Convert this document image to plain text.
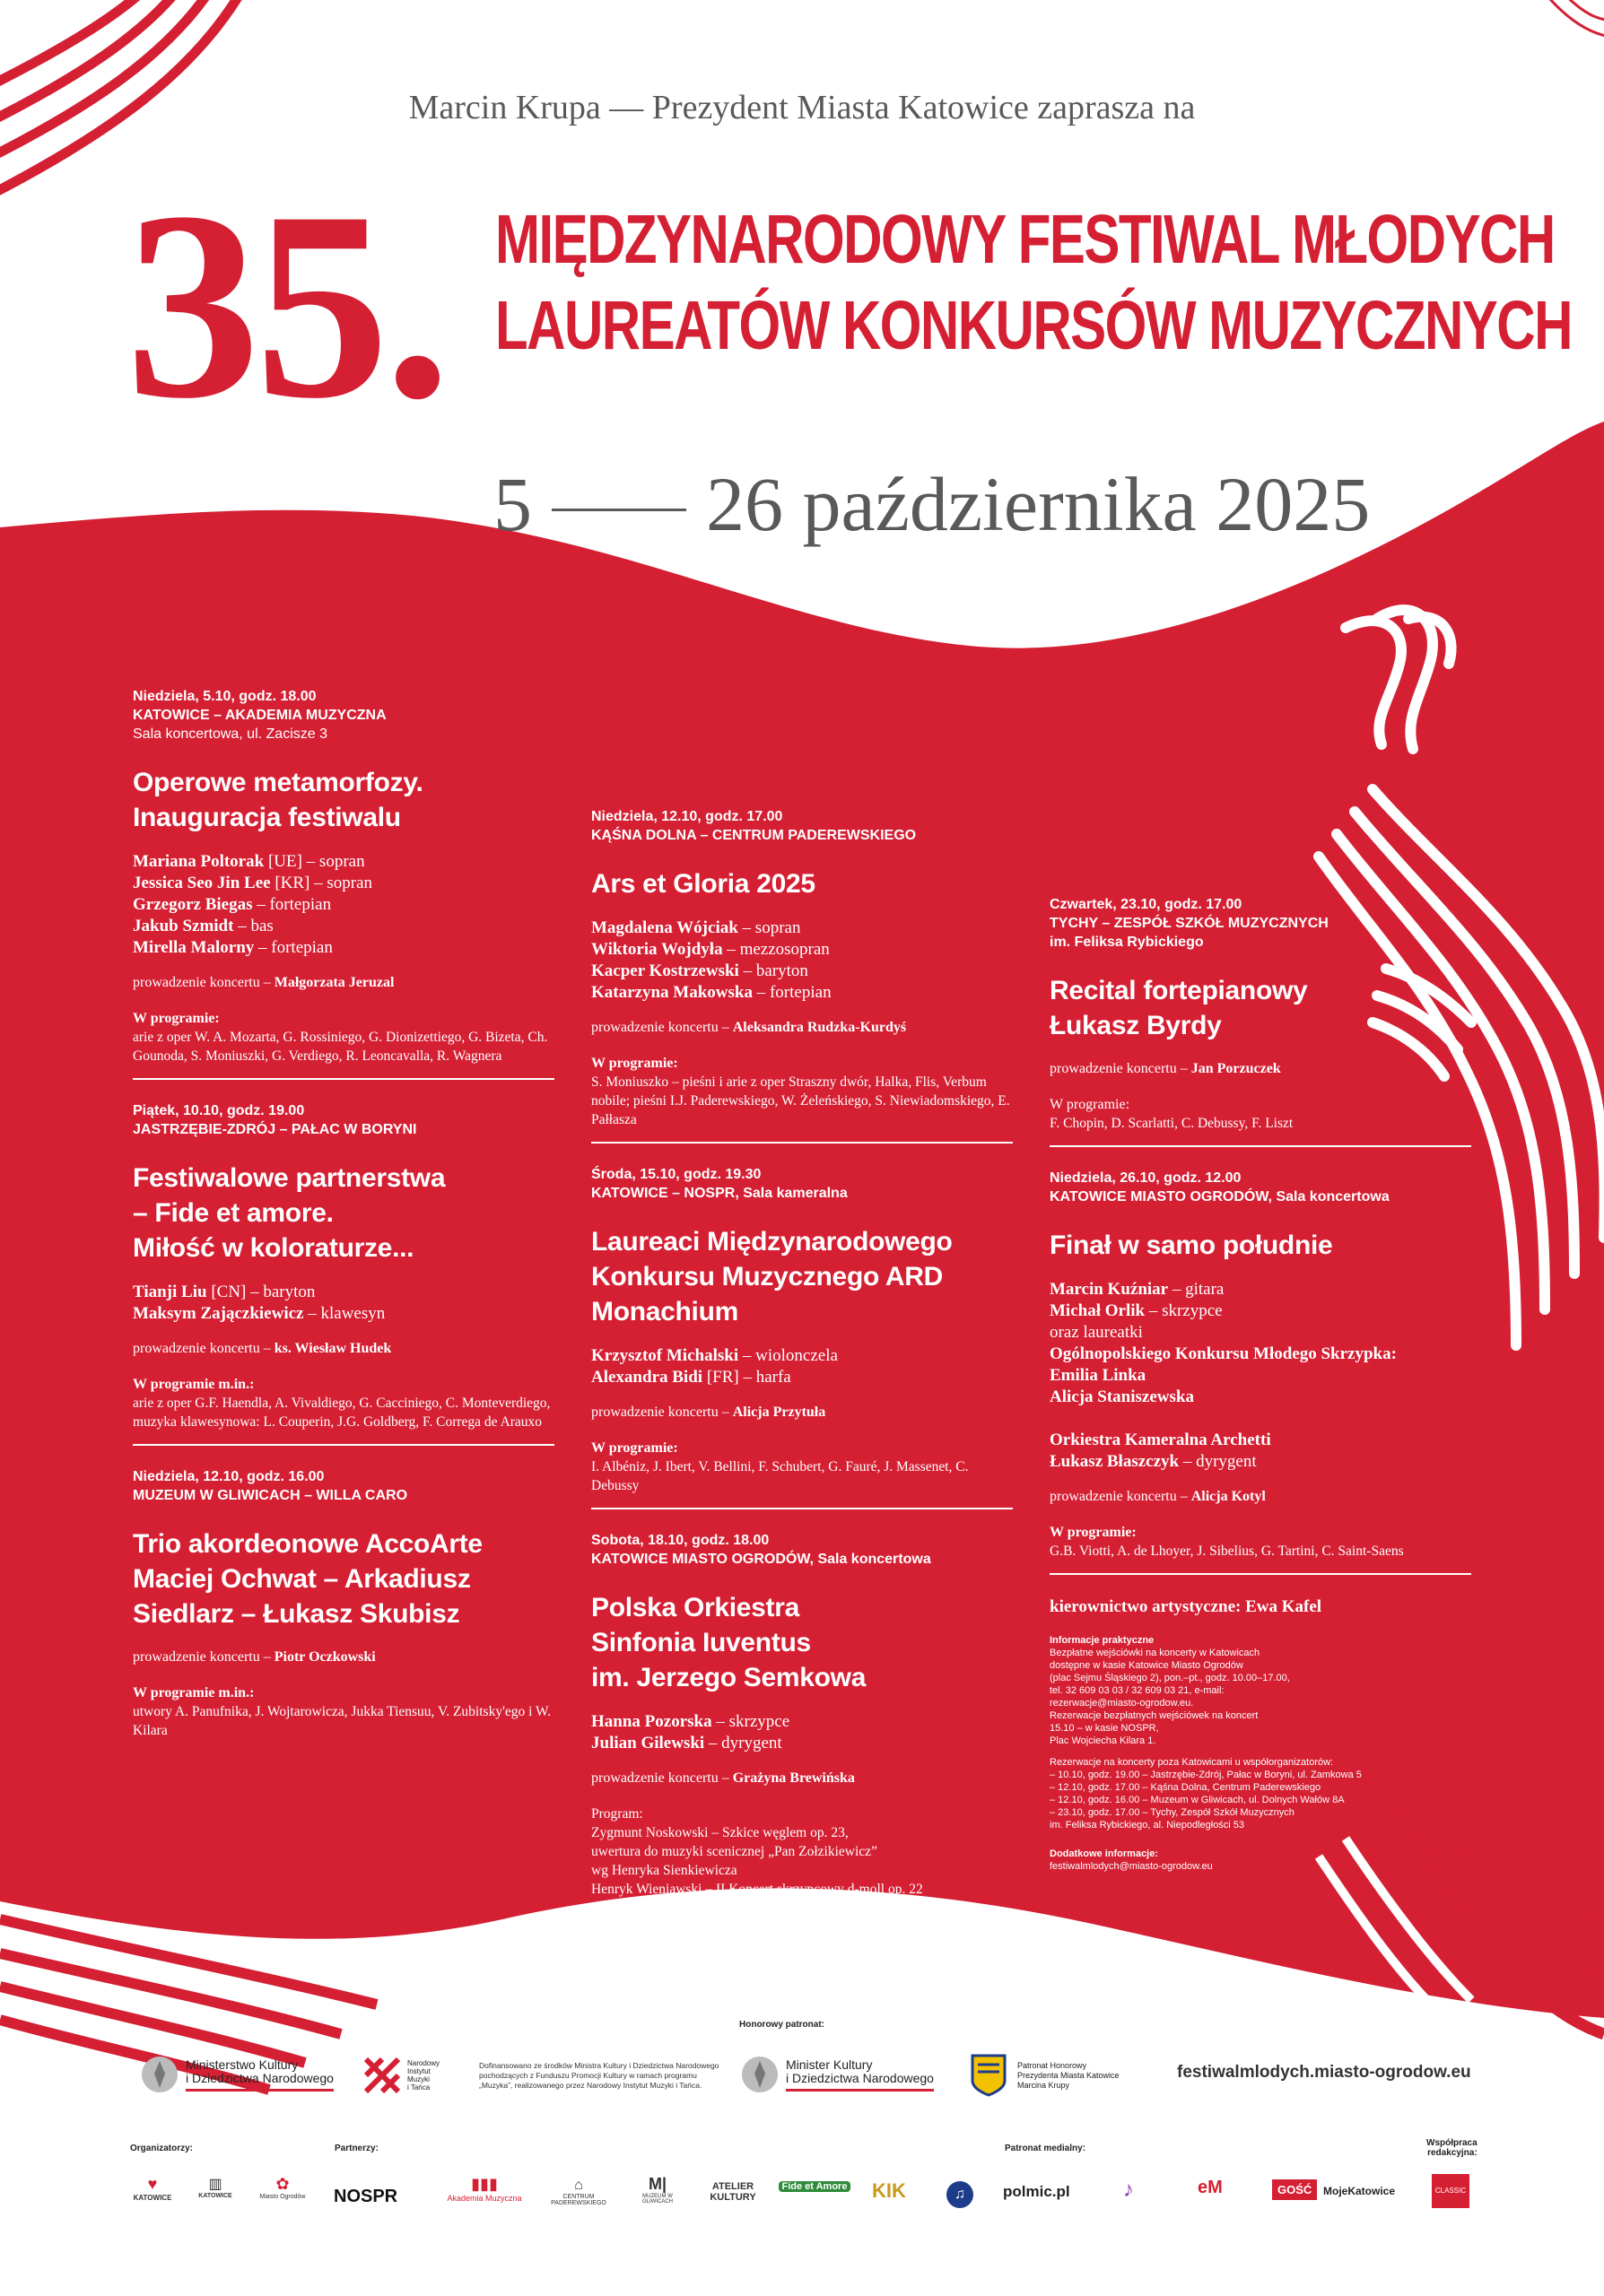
Marcin Krupa — Prezydent Miasta Katowice zaprasza na
35. MIĘDZYNARODOWY FESTIWAL MŁODYCH
LAUREATÓW KONKURSÓW MUZYCZNYCH
5 26 października 2025
Niedziela, 5.10, godz. 18.00
KATOWICE – AKADEMIA MUZYCZNA
Sala koncertowa, ul. Zacisze 3
Operowe metamorfozy.
Inauguracja festiwalu
Mariana Poltorak [UE] – sopran
Jessica Seo Jin Lee [KR] – sopran
Grzegorz Biegas – fortepian
Jakub Szmidt – bas
Mirella Malorny – fortepian
prowadzenie koncertu – Małgorzata Jeruzal
W programie:
arie z oper W. A. Mozarta, G. Rossiniego, G. Dionizettiego, G. Bizeta, Ch. Gounoda, S. Moniuszki, G. Verdiego, R. Leoncavalla, R. Wagnera
Piątek, 10.10, godz. 19.00
JASTRZĘBIE-ZDRÓJ – PAŁAC W BORYNI
Festiwalowe partnerstwa
– Fide et amore.
Miłość w koloraturze...
Tianji Liu [CN] – baryton
Maksym Zajączkiewicz – klawesyn
prowadzenie koncertu – ks. Wiesław Hudek
W programie m.in.:
arie z oper G.F. Haendla, A. Vivaldiego, G. Cacciniego, C. Monteverdiego, muzyka klawesynowa: L. Couperin, J.G. Goldberg, F. Correga de Arauxo
Niedziela, 12.10, godz. 16.00
MUZEUM W GLIWICACH – WILLA CARO
Trio akordeonowe AccoArte
Maciej Ochwat – Arkadiusz
Siedlarz – Łukasz Skubisz
prowadzenie koncertu – Piotr Oczkowski
W programie m.in.:
utwory A. Panufnika, J. Wojtarowicza, Jukka Tiensuu, V. Zubitsky'ego i W. Kilara
Niedziela, 12.10, godz. 17.00
KĄŚNA DOLNA – CENTRUM PADEREWSKIEGO
Ars et Gloria 2025
Magdalena Wójciak – sopran
Wiktoria Wojdyła – mezzosopran
Kacper Kostrzewski – baryton
Katarzyna Makowska – fortepian
prowadzenie koncertu – Aleksandra Rudzka-Kurdyś
W programie:
S. Moniuszko – pieśni i arie z oper Straszny dwór, Halka, Flis, Verbum nobile; pieśni I.J. Paderewskiego, W. Żeleńskiego, S. Niewiadomskiego, E. Pałłasza
Środa, 15.10, godz. 19.30
KATOWICE – NOSPR, Sala kameralna
Laureaci Międzynarodowego
Konkursu Muzycznego ARD
Monachium
Krzysztof Michalski – wiolonczela
Alexandra Bidi [FR] – harfa
prowadzenie koncertu – Alicja Przytuła
W programie:
I. Albéniz, J. Ibert, V. Bellini, F. Schubert, G. Fauré, J. Massenet, C. Debussy
Sobota, 18.10, godz. 18.00
KATOWICE MIASTO OGRODÓW, Sala koncertowa
Polska Orkiestra
Sinfonia Iuventus
im. Jerzego Semkowa
Hanna Pozorska – skrzypce
Julian Gilewski – dyrygent
prowadzenie koncertu – Grażyna Brewińska
Program:
Zygmunt Noskowski – Szkice węglem op. 23,
uwertura do muzyki scenicznej „Pan Zołzikiewicz”
wg Henryka Sienkiewicza
Henryk Wieniawski – II Koncert skrzypcowy d-moll op. 22
Robert Schumann – IV Symfonia d-moll op. 120
Czwartek, 23.10, godz. 17.00
TYCHY – ZESPÓŁ SZKÓŁ MUZYCZNYCH
im. Feliksa Rybickiego
Recital fortepianowy
Łukasz Byrdy
prowadzenie koncertu – Jan Porzuczek
W programie:
F. Chopin, D. Scarlatti, C. Debussy, F. Liszt
Niedziela, 26.10, godz. 12.00
KATOWICE MIASTO OGRODÓW, Sala koncertowa
Finał w samo południe
Marcin Kuźniar – gitara
Michał Orlik – skrzypce
oraz laureatki
Ogólnopolskiego Konkursu Młodego Skrzypka:
Emilia Linka
Alicja Staniszewska
Orkiestra Kameralna Archetti
Łukasz Błaszczyk – dyrygent
prowadzenie koncertu – Alicja Kotyl
W programie:
G.B. Viotti, A. de Lhoyer, J. Sibelius, G. Tartini, C. Saint-Saens
kierownictwo artystyczne: Ewa Kafel
Informacje praktyczne
Bezpłatne wejściówki na koncerty w Katowicach
dostępne w kasie Katowice Miasto Ogrodów
(plac Sejmu Śląskiego 2), pon.–pt., godz. 10.00–17.00,
tel. 32 609 03 03 / 32 609 03 21, e-mail:
rezerwacje@miasto-ogrodow.eu.
Rezerwacje bezpłatnych wejściówek na koncert
15.10 – w kasie NOSPR,
Plac Wojciecha Kilara 1.
Rezerwacje na koncerty poza Katowicami u współorganizatorów:
– 10.10, godz. 19.00 – Jastrzębie-Zdrój, Pałac w Boryni, ul. Zamkowa 5
– 12.10, godz. 17.00 – Kąśna Dolna, Centrum Paderewskiego
– 12.10, godz. 16.00 – Muzeum w Gliwicach, ul. Dolnych Wałów 8A
– 23.10, godz. 17.00 – Tychy, Zespół Szkół Muzycznych
im. Feliksa Rybickiego, al. Niepodległości 53
Dodatkowe informacje:
festiwalmlodych@miasto-ogrodow.eu
Honorowy patronat:
Ministerstwo Kultury
i Dziedzictwa Narodowego
Narodowy
Instytut
Muzyki
i Tańca
Dofinansowano ze środków Ministra Kultury i Dziedzictwa Narodowego pochodzących z Funduszu Promocji Kultury w ramach programu „Muzyka”, realizowanego przez Narodowy Instytut Muzyki i Tańca.
Minister Kultury
i Dziedzictwa Narodowego
Patronat Honorowy
Prezydenta Miasta Katowice
Marcina Krupy
festiwalmlodych.miasto-ogrodow.eu
Organizatorzy:	Partnerzy:	Patronat medialny:
Współpraca
redakcyjna:
♥
KATOWICE
▥
KATOWICE
✿
Miasto Ogrodów NOSPR
▮▮▮
Akademia Muzyczna
⌂
CENTRUM PADEREWSKIEGO
M|
MUZEUM W GLIWICACH
ATELIER KULTURY
Fide et Amore KIK	♫	polmic.pl ♪	eM	GOŚĆ	MojeKatowice	CLASSIC
